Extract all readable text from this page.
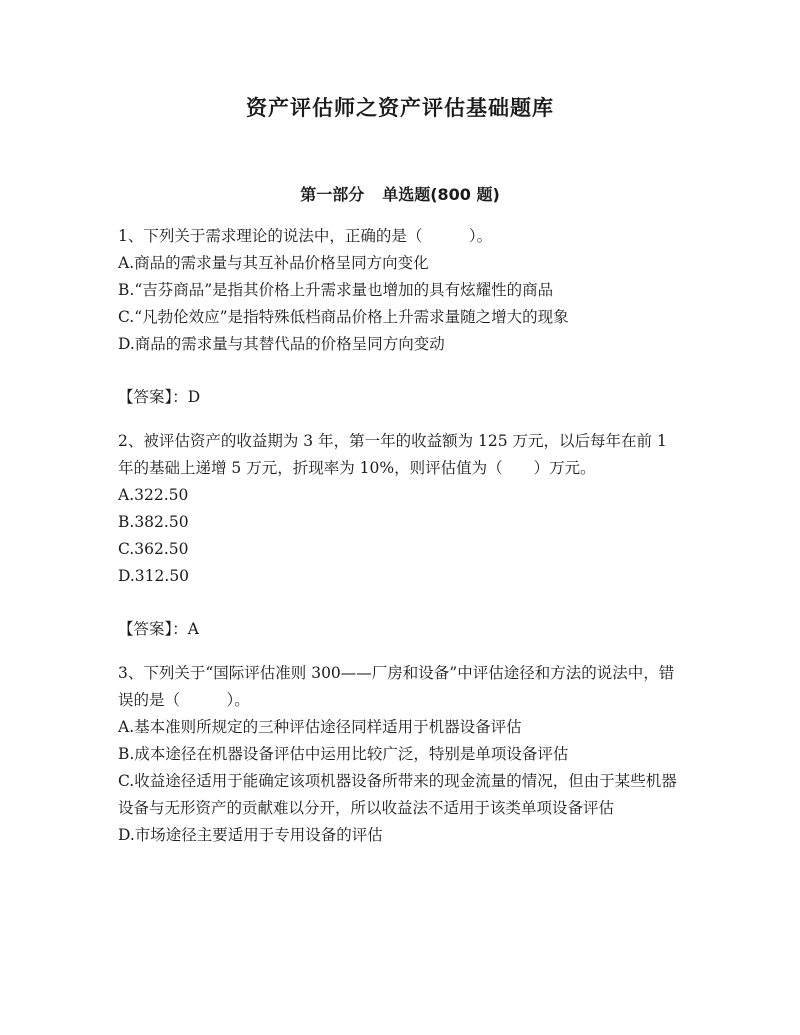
资产评估师之资产评估基础题库
第一部分 单选题(800 题)

1、下列关于需求理论的说法中，正确的是（　　　）。

A.商品的需求量与其互补品价格呈同方向变化

B.“吉芬商品”是指其价格上升需求量也增加的具有炫耀性的商品

C.“凡勃伦效应”是指特殊低档商品价格上升需求量随之增大的现象

D.商品的需求量与其替代品的价格呈同方向变动

【答案】：D

2、被评估资产的收益期为 3 年，第一年的收益额为 125 万元，以后每年在前 1 年的基础上递增 5 万元，折现率为 10%，则评估值为（　　）万元。

A.322.50

B.382.50

C.362.50

D.312.50

【答案】：A

3、下列关于“国际评估准则 300——厂房和设备”中评估途径和方法的说法中，错误的是（　　　）。

A.基本准则所规定的三种评估途径同样适用于机器设备评估

B.成本途径在机器设备评估中运用比较广泛，特别是单项设备评估

C.收益途径适用于能确定该项机器设备所带来的现金流量的情况，但由于某些机器设备与无形资产的贡献难以分开，所以收益法不适用于该类单项设备评估

D.市场途径主要适用于专用设备的评估
